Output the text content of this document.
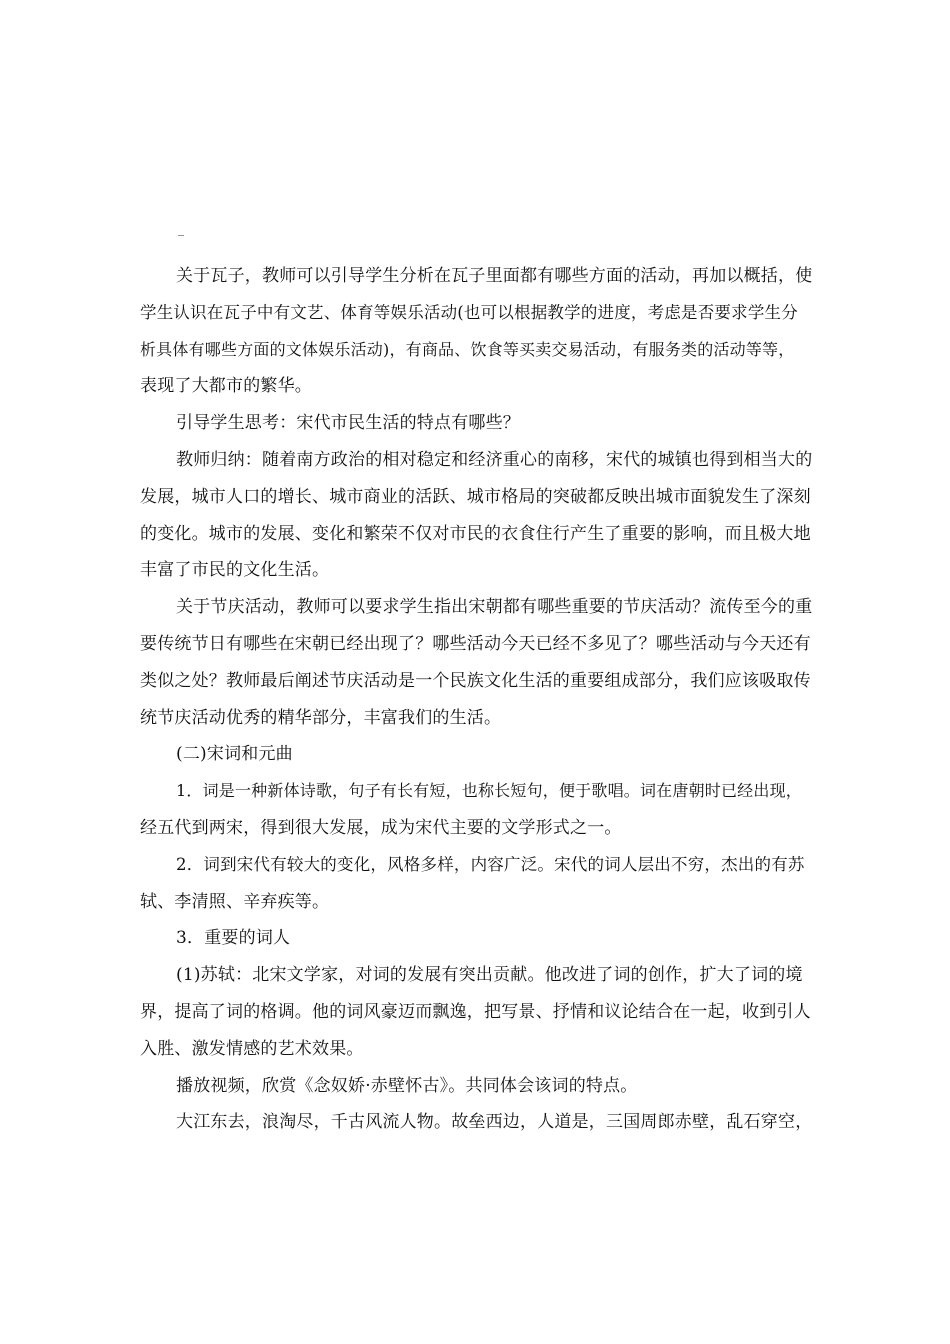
_
关于瓦子，教师可以引导学生分析在瓦子里面都有哪些方面的活动，再加以概括，使
学生认识在瓦子中有文艺、体育等娱乐活动(也可以根据教学的进度，考虑是否要求学生分
析具体有哪些方面的文体娱乐活动)，有商品、饮食等买卖交易活动，有服务类的活动等等，
表现了大都市的繁华。
引导学生思考：宋代市民生活的特点有哪些？
教师归纳：随着南方政治的相对稳定和经济重心的南移，宋代的城镇也得到相当大的
发展，城市人口的增长、城市商业的活跃、城市格局的突破都反映出城市面貌发生了深刻
的变化。城市的发展、变化和繁荣不仅对市民的衣食住行产生了重要的影响，而且极大地
丰富了市民的文化生活。
关于节庆活动，教师可以要求学生指出宋朝都有哪些重要的节庆活动？流传至今的重
要传统节日有哪些在宋朝已经出现了？哪些活动今天已经不多见了？哪些活动与今天还有
类似之处？教师最后阐述节庆活动是一个民族文化生活的重要组成部分，我们应该吸取传
统节庆活动优秀的精华部分，丰富我们的生活。
(二)宋词和元曲
1．词是一种新体诗歌，句子有长有短，也称长短句，便于歌唱。词在唐朝时已经出现，
经五代到两宋，得到很大发展，成为宋代主要的文学形式之一。
2．词到宋代有较大的变化，风格多样，内容广泛。宋代的词人层出不穷，杰出的有苏
轼、李清照、辛弃疾等。
3．重要的词人
(1)苏轼：北宋文学家，对词的发展有突出贡献。他改进了词的创作，扩大了词的境
界，提高了词的格调。他的词风豪迈而飘逸，把写景、抒情和议论结合在一起，收到引人
入胜、激发情感的艺术效果。
播放视频，欣赏《念奴娇·赤壁怀古》。共同体会该词的特点。
大江东去，浪淘尽，千古风流人物。故垒西边，人道是，三国周郎赤壁，乱石穿空，
